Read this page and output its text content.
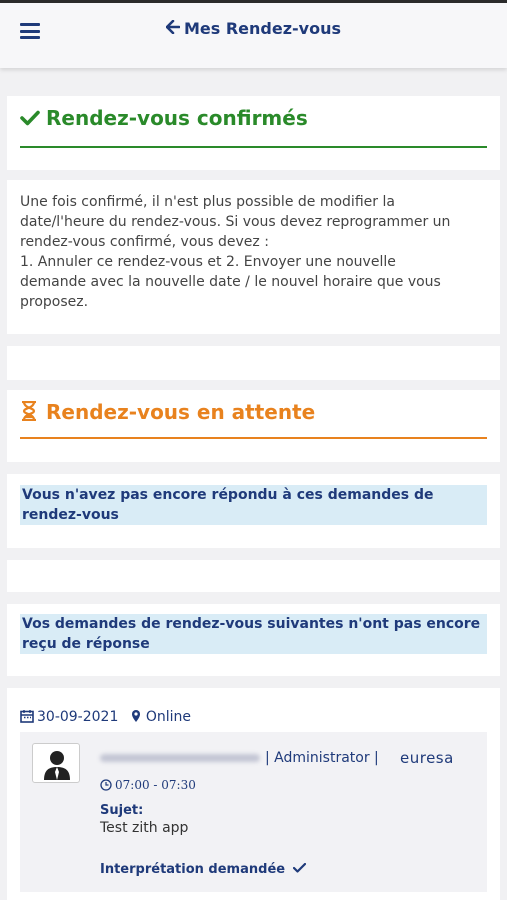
Mes Rendez-vous
Rendez-vous confirmés
Une fois confirmé, il n'est plus possible de modifier la
date/l'heure du rendez-vous. Si vous devez reprogrammer un
rendez-vous confirmé, vous devez :
1. Annuler ce rendez-vous et 2. Envoyer une nouvelle
demande avec la nouvelle date / le nouvel horaire que vous
proposez.
Rendez-vous en attente
Vous n'avez pas encore répondu à ces demandes de rendez-vous
Vos demandes de rendez-vous suivantes n'ont pas encore reçu de réponse
30-09-2021 Online
| Administrator | euresa
07:00 - 07:30
Sujet:
Test zith app
Interprétation demandée
